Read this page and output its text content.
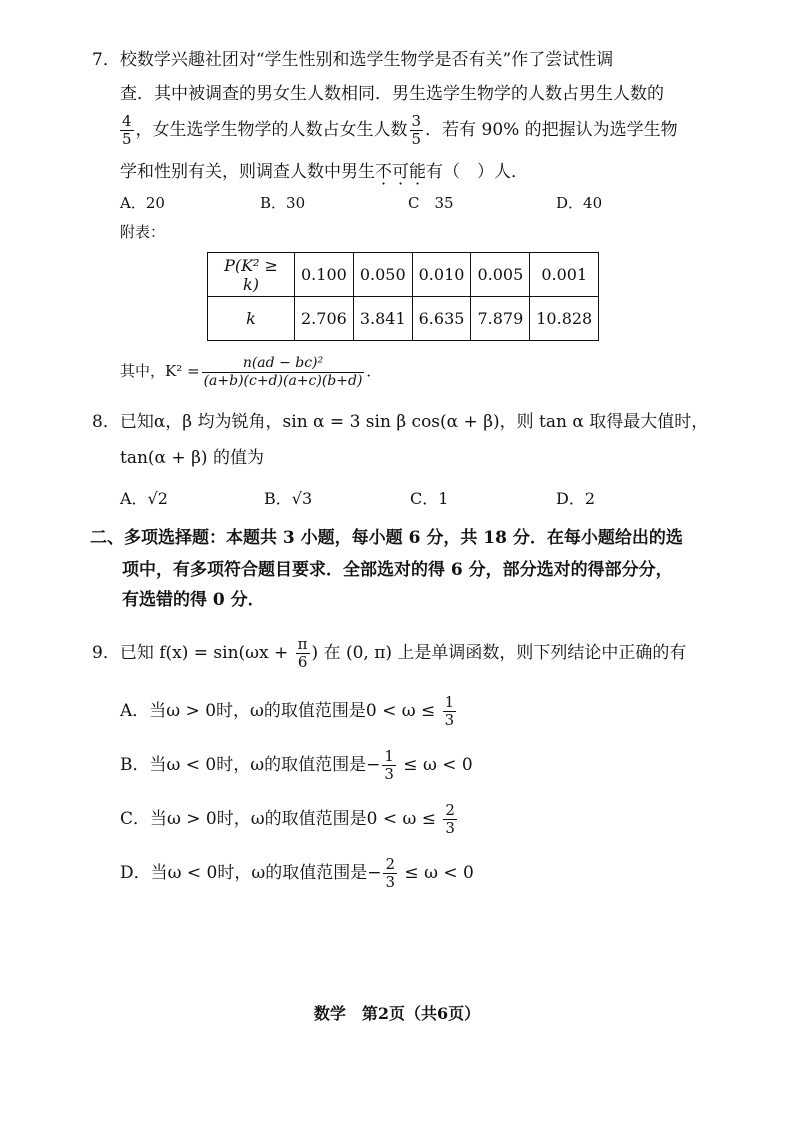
7．校数学兴趣社团对“学生性别和选学生物学是否有关”作了尝试性调
查．其中被调查的男女生人数相同．男生选学生物学的人数占男生人数的
$\frac{4}{5}$ ，女生选学生物学的人数占女生人数 $\frac{3}{5}$ ．若有 90% 的把握认为选学生物
学和性别有关，则调查人数中男生不可能有（　）人．
A．20	B．30	C　35	D．40
附表：
P(K² ≥ k)	0.100	0.050	0.010	0.005	0.001
k	2.706	3.841	6.635	7.879	10.828
其中，$K^2 = \frac{\text{n(ad − bc)²}}{(a+b)(c+d)(a+c)(b+d)}$ ．
8．已知α，β 均为锐角，sin α = 3 sin β cos(α + β)，则 tan α 取得最大值时，
tan(α + β) 的值为
A．√2	B．√3	C．1	D．2
二、多项选择题：本题共 3 小题，每小题 6 分，共 18 分．在每小题给出的选
项中，有多项符合题目要求．全部选对的得 6 分，部分选对的得部分分，
有选错的得 0 分．
9．已知 $f(x) = \sin(\omega x + \frac{\pi}{6}$ ) 在 (0, π) 上是单调函数，则下列结论中正确的有
A．当ω > 0时，ω的取值范围是$0 < \omega \le \frac{1}{3}$
B．当ω < 0时，ω的取值范围是− $\frac{1}{3} \le \omega < 0$
C．当ω > 0时，ω的取值范围是$0 < \omega \le \frac{2}{3}$
D．当ω < 0时，ω的取值范围是− $\frac{2}{3} \le \omega < 0$
数学　第2页（共6页）
